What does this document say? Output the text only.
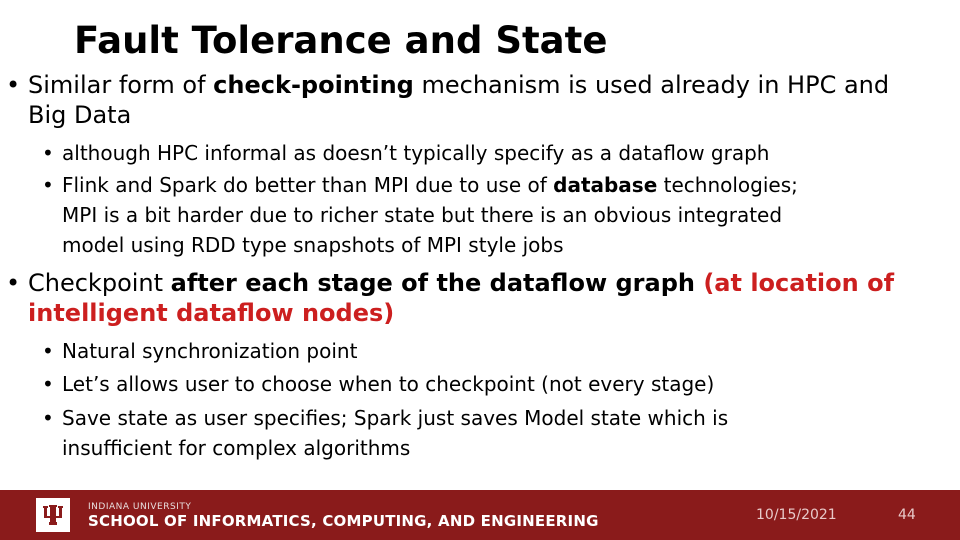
Fault Tolerance and State
• Similar form of check-pointing mechanism is used already in HPC and
Big Data
• although HPC informal as doesn’t typically specify as a dataflow graph
• Flink and Spark do better than MPI due to use of database technologies;
MPI is a bit harder due to richer state but there is an obvious integrated
model using RDD type snapshots of MPI style jobs
• Checkpoint after each stage of the dataflow graph (at location of
intelligent dataflow nodes)
• Natural synchronization point
• Let’s allows user to choose when to checkpoint (not every stage)
• Save state as user specifies; Spark just saves Model state which is
insufficient for complex algorithms
INDIANA UNIVERSITY
SCHOOL OF INFORMATICS, COMPUTING, AND ENGINEERING	10/15/2021	44
